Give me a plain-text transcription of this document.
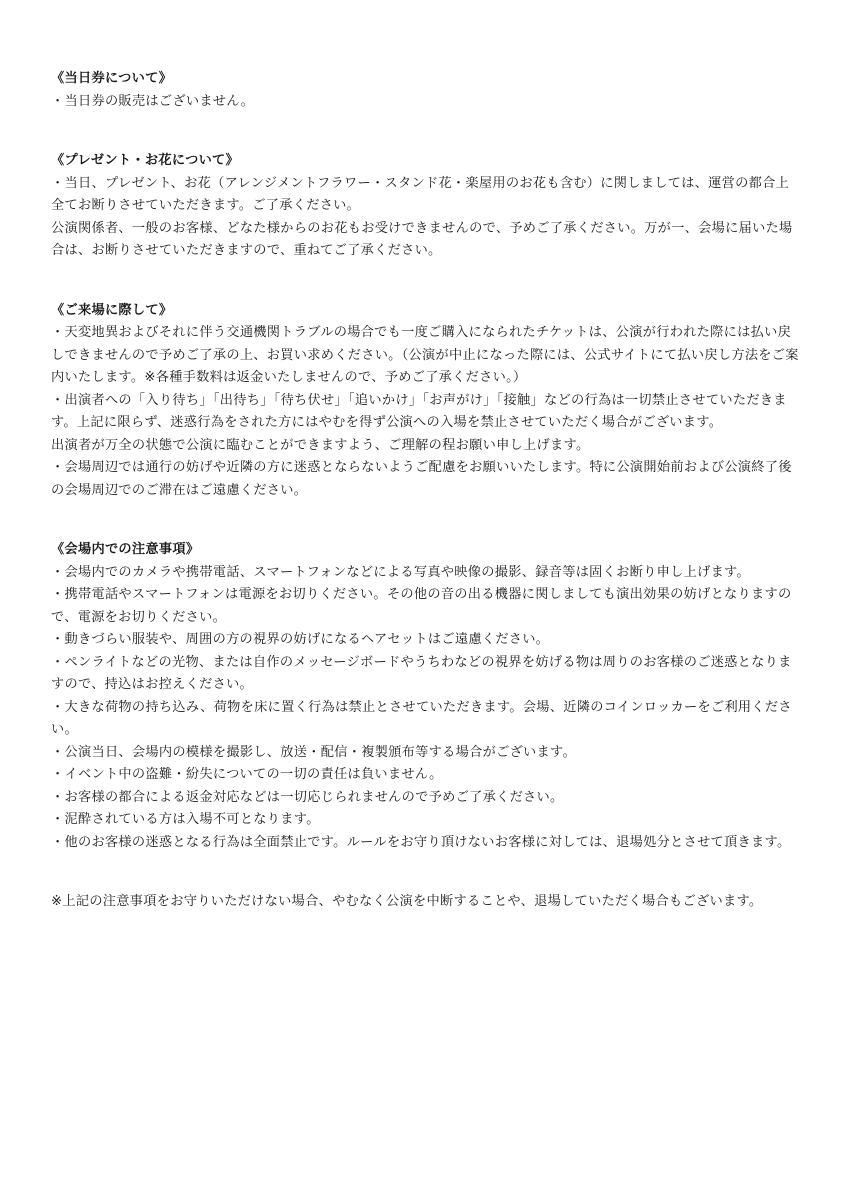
《当日券について》

・当日券の販売はございません。

《プレゼント・お花について》

・当日、プレゼント、お花（アレンジメントフラワー・スタンド花・楽屋用のお花も含む）に関しましては、運営の都合上全てお断りさせていただきます。ご了承ください。

公演関係者、一般のお客様、どなた様からのお花もお受けできませんので、予めご了承ください。万が一、会場に届いた場合は、お断りさせていただきますので、重ねてご了承ください。

《ご来場に際して》

・天変地異およびそれに伴う交通機関トラブルの場合でも一度ご購入になられたチケットは、公演が行われた際には払い戻しできませんので予めご了承の上、お買い求めください。（公演が中止になった際には、公式サイトにて払い戻し方法をご案内いたします。※各種手数料は返金いたしませんので、予めご了承ください。）

・出演者への「入り待ち」「出待ち」「待ち伏せ」「追いかけ」「お声がけ」「接触」などの行為は一切禁止させていただきます。上記に限らず、迷惑行為をされた方にはやむを得ず公演への入場を禁止させていただく場合がございます。

出演者が万全の状態で公演に臨むことができますよう、ご理解の程お願い申し上げます。

・会場周辺では通行の妨げや近隣の方に迷惑とならないようご配慮をお願いいたします。特に公演開始前および公演終了後の会場周辺でのご滞在はご遠慮ください。

《会場内での注意事項》

・会場内でのカメラや携帯電話、スマートフォンなどによる写真や映像の撮影、録音等は固くお断り申し上げます。

・携帯電話やスマートフォンは電源をお切りください。その他の音の出る機器に関しましても演出効果の妨げとなりますので、電源をお切りください。

・動きづらい服装や、周囲の方の視界の妨げになるヘアセットはご遠慮ください。

・ペンライトなどの光物、または自作のメッセージボードやうちわなどの視界を妨げる物は周りのお客様のご迷惑となりますので、持込はお控えください。

・大きな荷物の持ち込み、荷物を床に置く行為は禁止とさせていただきます。会場、近隣のコインロッカーをご利用ください。

・公演当日、会場内の模様を撮影し、放送・配信・複製頒布等する場合がございます。

・イベント中の盗難・紛失についての一切の責任は負いません。

・お客様の都合による返金対応などは一切応じられませんので予めご了承ください。

・泥酔されている方は入場不可となります。

・他のお客様の迷惑となる行為は全面禁止です。ルールをお守り頂けないお客様に対しては、退場処分とさせて頂きます。

※上記の注意事項をお守りいただけない場合、やむなく公演を中断することや、退場していただく場合もございます。
